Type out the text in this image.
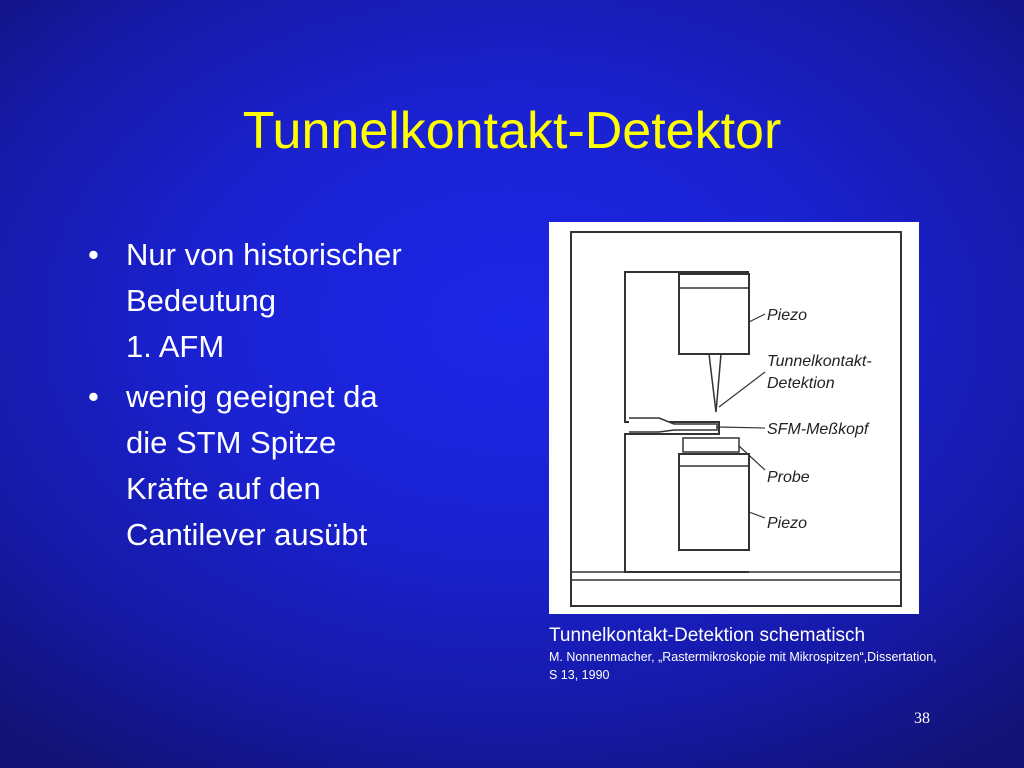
Tunnelkontakt-Detektor
• Nur von historischer
Bedeutung
1. AFM
• wenig geeignet da
die STM Spitze
Kräfte auf den
Cantilever ausübt
Piezo
Tunnelkontakt-
Detektion
SFM-Meßkopf
Probe
Piezo
Tunnelkontakt-Detektion schematisch
M. Nonnenmacher, „Rastermikroskopie mit Mikrospitzen“,Dissertation,
S 13, 1990
38
